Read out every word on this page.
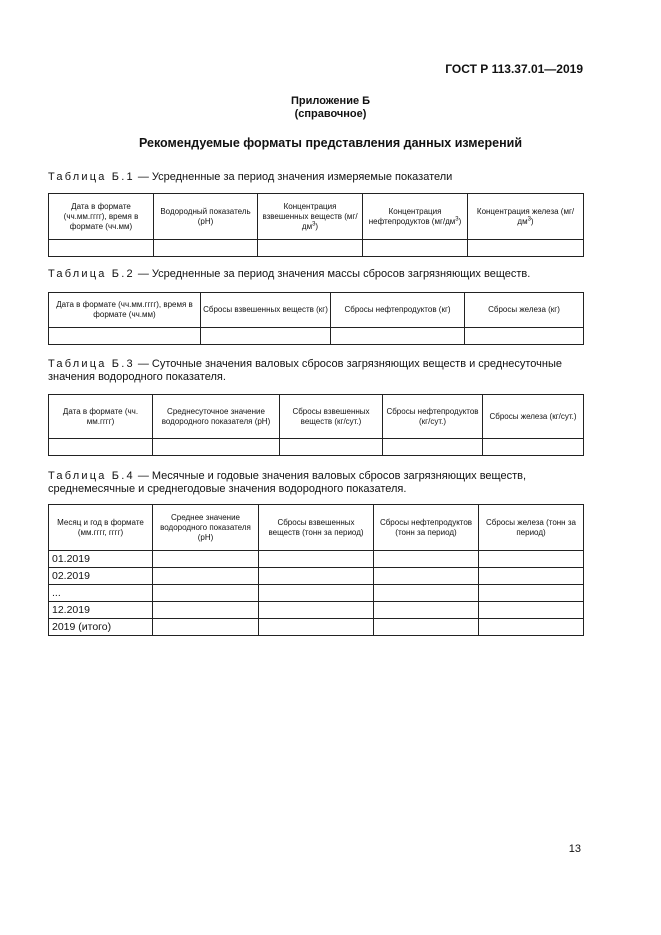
ГОСТ Р 113.37.01—2019
Приложение Б
(справочное)
Рекомендуемые форматы представления данных измерений
Таблица Б.1 — Усредненные за период значения измеряемые показатели
Дата в формате (чч.мм.гггг), время в формате (чч.мм)	Водородный показатель (pH)	Концентрация взвешенных веществ $(мг/дм^3)$	Концентрация нефтепродуктов $(мг/дм^3)$	Концентрация железа $(мг/дм^3)$

Таблица Б.2 — Усредненные за период значения массы сбросов загрязняющих веществ.
Дата в формате (чч.мм.гггг), время в формате (чч.мм)	Сбросы взвешенных веществ (кг)	Сбросы нефтепродуктов (кг)	Сбросы железа (кг)

Таблица Б.3 — Суточные значения валовых сбросов загрязняющих веществ и среднесуточные значения водородного показателя.
Дата в формате (чч. мм.гггг)	Среднесуточное значение водородного показателя (pH)	Сбросы взвешенных веществ (кг/сут.)	Сбросы нефтепродуктов (кг/сут.)	Сбросы железа (кг/сут.)

Таблица Б.4 — Месячные и годовые значения валовых сбросов загрязняющих веществ, среднемесячные и среднегодовые значения водородного показателя.
Месяц и год в формате (мм.гггг, гггг)	Среднее значение водородного показателя (pH)	Сбросы взвешенных веществ (тонн за период)	Сбросы нефтепродуктов (тонн за период)	Сбросы железа (тонн за период)
01.2019				
02.2019				
...				
12.2019				
2019 (итого)				
13
